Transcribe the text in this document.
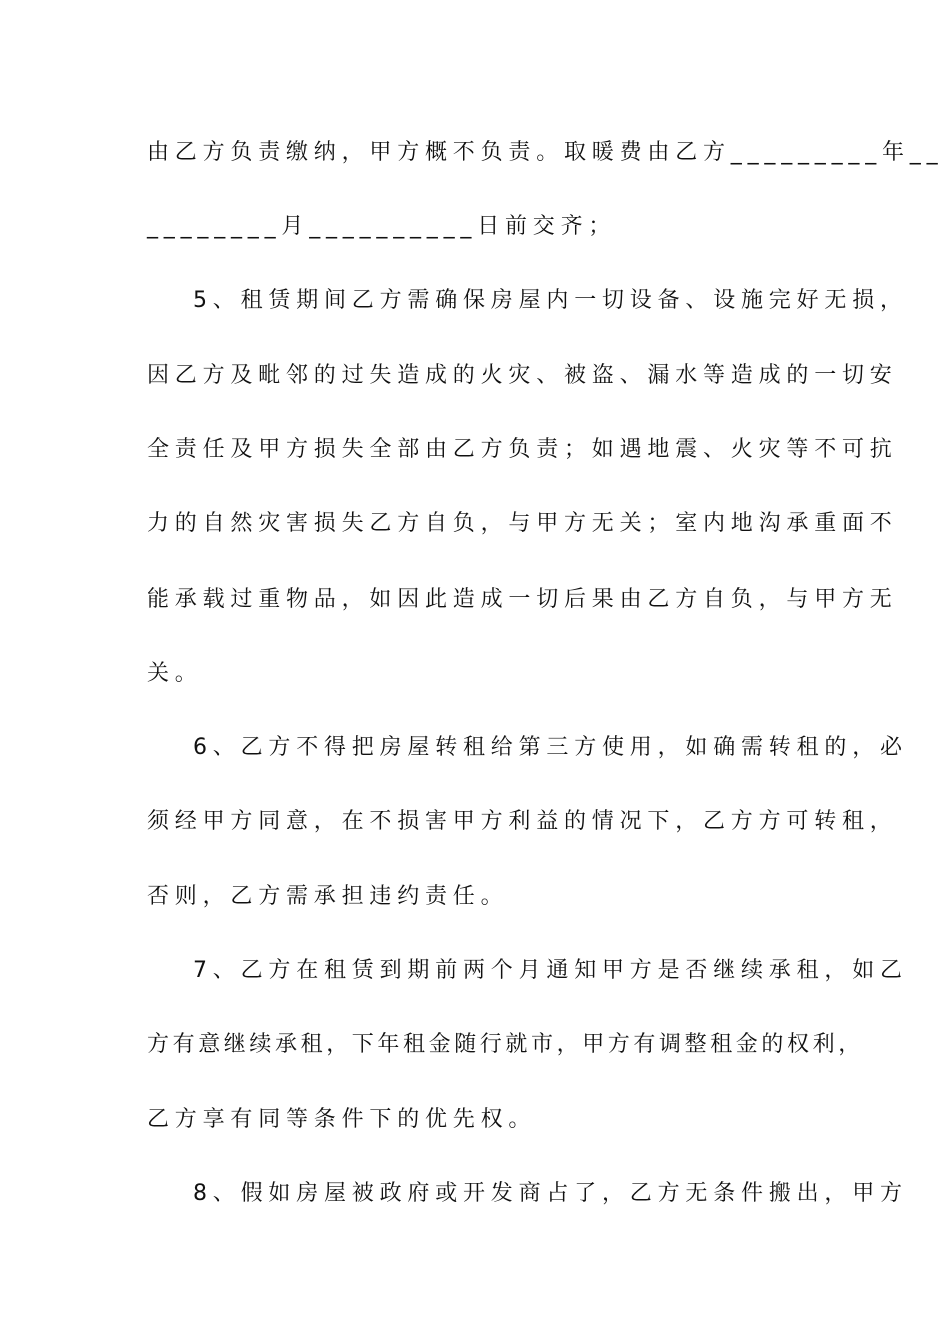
由乙方负责缴纳，甲方概不负责。取暖费由乙方_________年__
________月__________日前交齐；
5、租赁期间乙方需确保房屋内一切设备、设施完好无损，
因乙方及毗邻的过失造成的火灾、被盗、漏水等造成的一切安
全责任及甲方损失全部由乙方负责；如遇地震、火灾等不可抗
力的自然灾害损失乙方自负，与甲方无关；室内地沟承重面不
能承载过重物品，如因此造成一切后果由乙方自负，与甲方无
关。
6、乙方不得把房屋转租给第三方使用，如确需转租的，必
须经甲方同意，在不损害甲方利益的情况下，乙方方可转租，
否则，乙方需承担违约责任。
7、乙方在租赁到期前两个月通知甲方是否继续承租，如乙
方有意继续承租，下年租金随行就市，甲方有调整租金的权利，
乙方享有同等条件下的优先权。
8、假如房屋被政府或开发商占了，乙方无条件搬出，甲方
